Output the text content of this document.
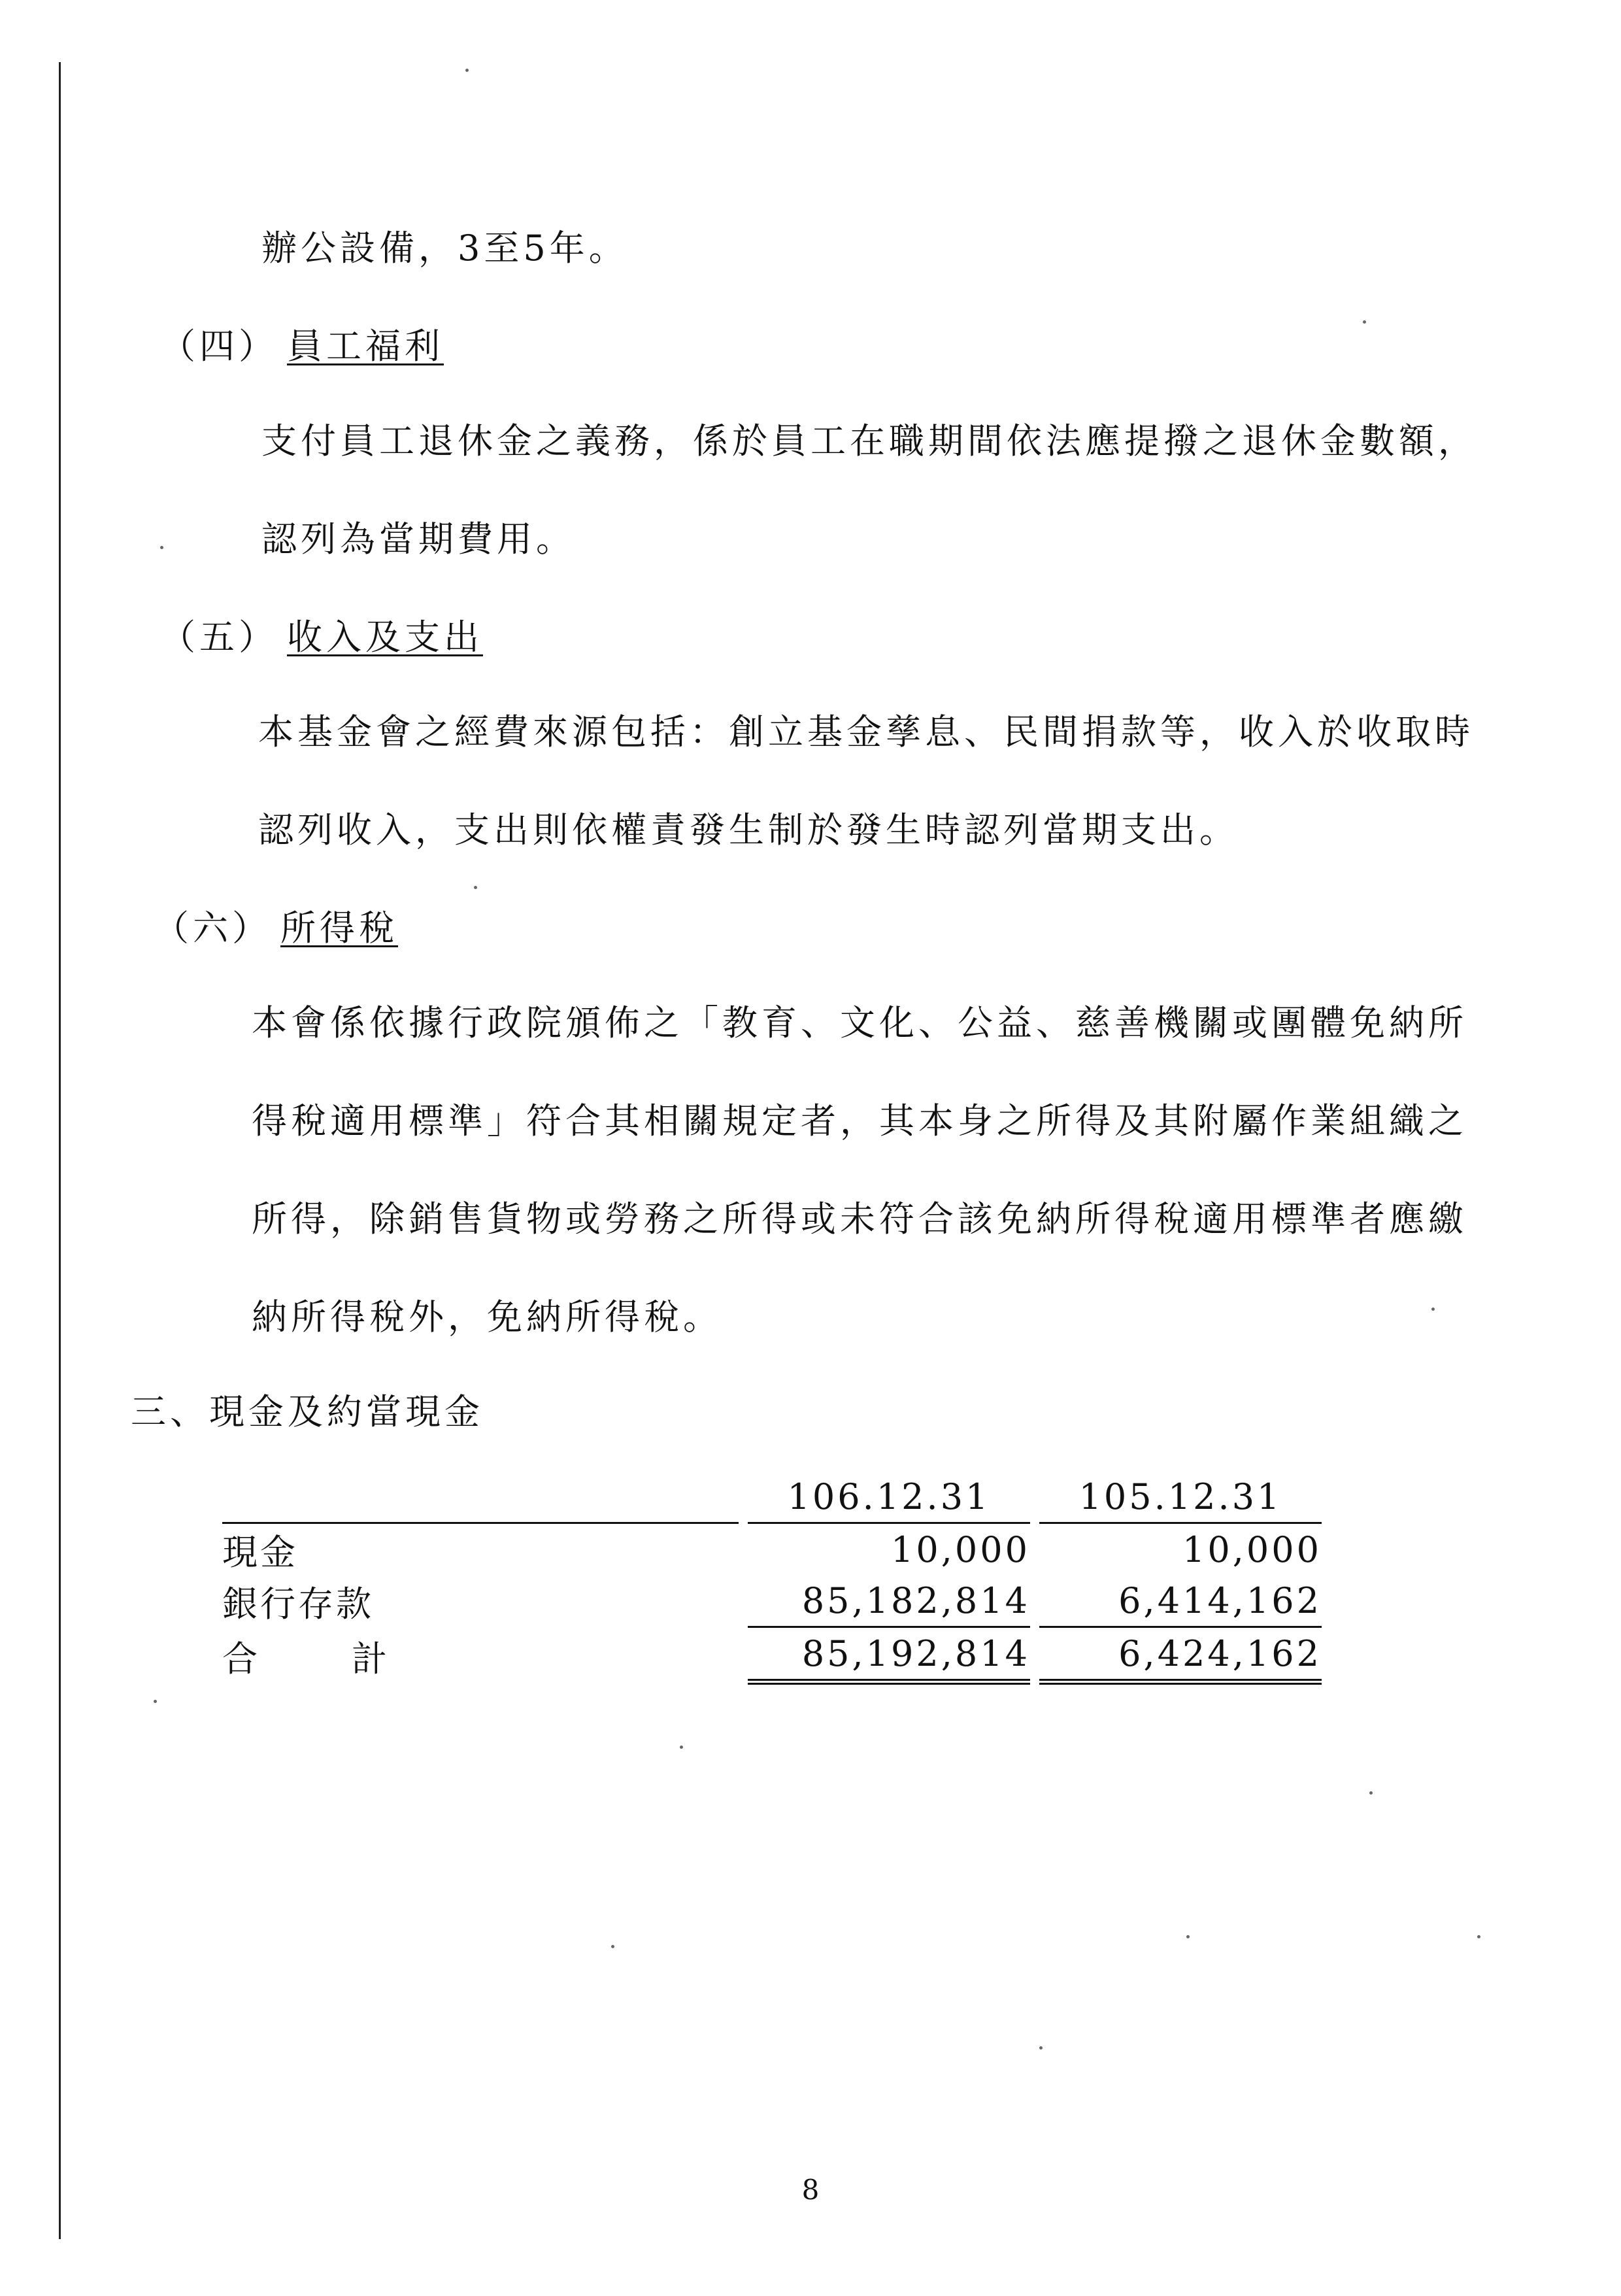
辦公設備，3至5年。
（四） 員工福利
支付員工退休金之義務，係於員工在職期間依法應提撥之退休金數額，
認列為當期費用。
（五） 收入及支出
本基金會之經費來源包括：創立基金孳息、民間捐款等，收入於收取時
認列收入，支出則依權責發生制於發生時認列當期支出。
（六） 所得稅
本會係依據行政院頒佈之「教育、文化、公益、慈善機關或團體免納所
得稅適用標準」符合其相關規定者，其本身之所得及其附屬作業組織之
所得，除銷售貨物或勞務之所得或未符合該免納所得稅適用標準者應繳
納所得稅外，免納所得稅。
三、現金及約當現金
		106.12.31		105.12.31
現金		10,000		10,000
銀行存款		85,182,814		6,414,162
合 計		85,192,814		6,424,162
8
